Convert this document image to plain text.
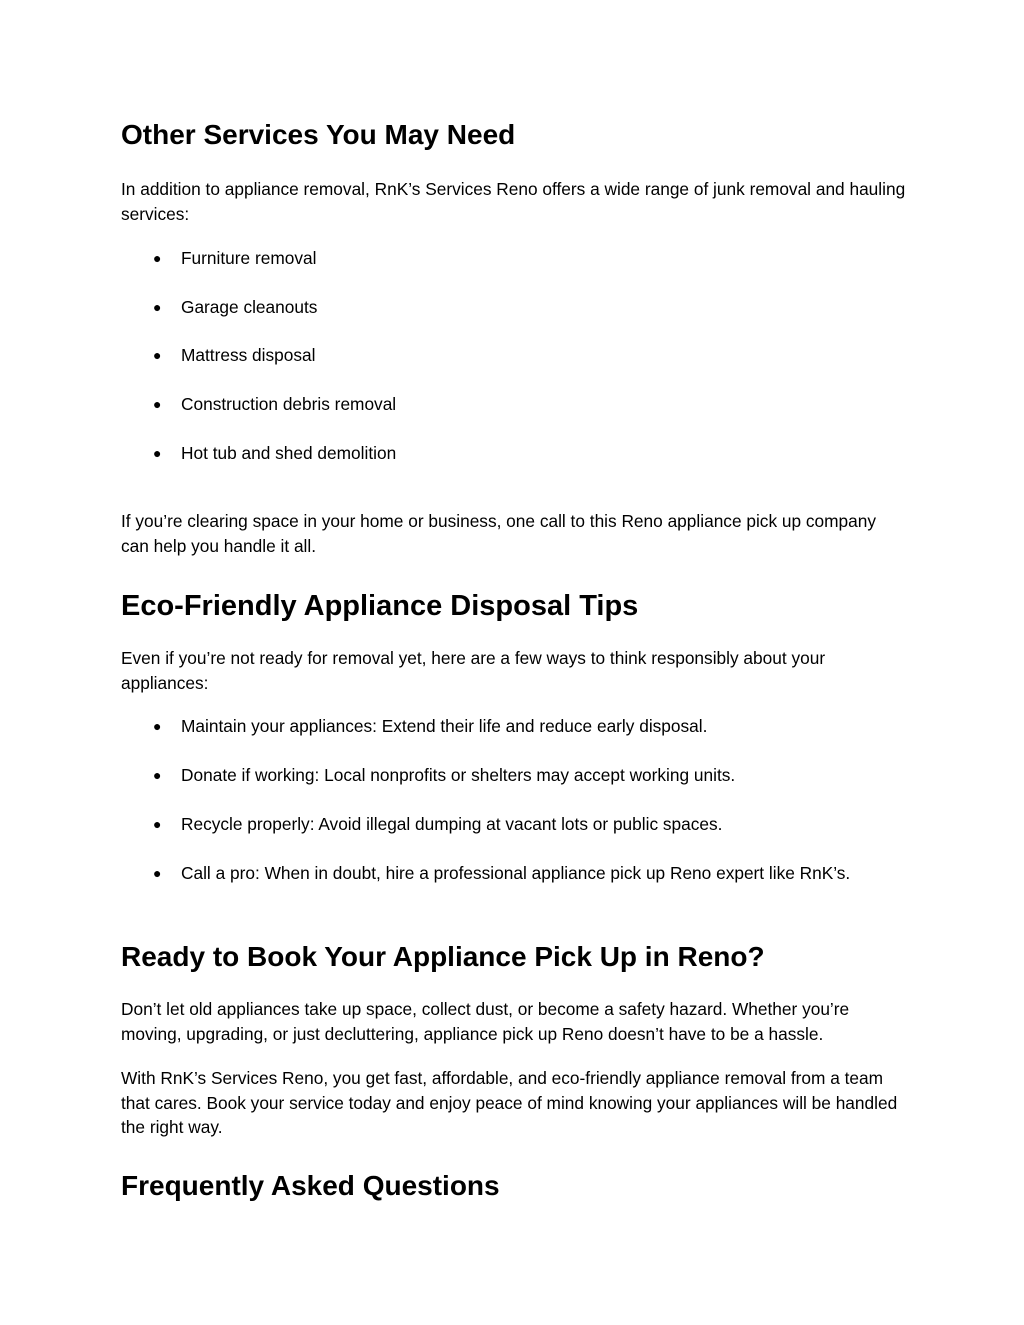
Other Services You May Need

In addition to appliance removal, RnK’s Services Reno offers a wide range of junk removal and hauling services:

● Furniture removal
● Garage cleanouts
● Mattress disposal
● Construction debris removal
● Hot tub and shed demolition

If you’re clearing space in your home or business, one call to this Reno appliance pick up company can help you handle it all.

Eco-Friendly Appliance Disposal Tips

Even if you’re not ready for removal yet, here are a few ways to think responsibly about your appliances:

● Maintain your appliances: Extend their life and reduce early disposal.
● Donate if working: Local nonprofits or shelters may accept working units.
● Recycle properly: Avoid illegal dumping at vacant lots or public spaces.
● Call a pro: When in doubt, hire a professional appliance pick up Reno expert like RnK’s.
Ready to Book Your Appliance Pick Up in Reno?

Don’t let old appliances take up space, collect dust, or become a safety hazard. Whether you’re moving, upgrading, or just decluttering, appliance pick up Reno doesn’t have to be a hassle.

With RnK’s Services Reno, you get fast, affordable, and eco-friendly appliance removal from a team that cares. Book your service today and enjoy peace of mind knowing your appliances will be handled the right way.

Frequently Asked Questions
